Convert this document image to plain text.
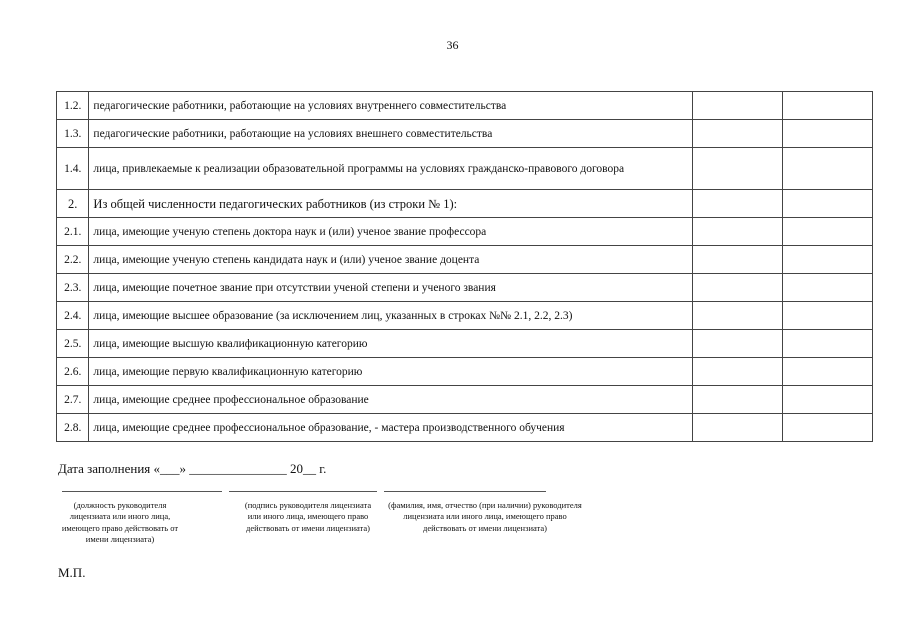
36
1.2.	педагогические работники, работающие на условиях внутреннего совместительства		
1.3.	педагогические работники, работающие на условиях внешнего совместительства		
1.4.	лица, привлекаемые к реализации образовательной программы на условиях гражданско-правового договора		
2.	Из общей численности педагогических работников (из строки № 1):		
2.1.	лица, имеющие ученую степень доктора наук и (или) ученое звание профессора		
2.2.	лица, имеющие ученую степень кандидата наук и (или) ученое звание доцента		
2.3.	лица, имеющие почетное звание при отсутствии ученой степени и ученого звания		
2.4.	лица, имеющие высшее образование (за исключением лиц, указанных в строках №№ 2.1, 2.2, 2.3)		
2.5.	лица, имеющие высшую квалификационную категорию		
2.6.	лица, имеющие первую квалификационную категорию		
2.7.	лица, имеющие среднее профессиональное образование		
2.8.	лица, имеющие среднее профессиональное образование, - мастера производственного обучения		
Дата заполнения «___» _______________ 20__ г.
(должность руководителя лицензиата или иного лица, имеющего право действовать от имени лицензиата)
(подпись руководителя лицензиата или иного лица, имеющего право действовать от имени лицензиата)
(фамилия, имя, отчество (при наличии) руководителя лицензиата или иного лица, имеющего право действовать от имени лицензиата)
М.П.
